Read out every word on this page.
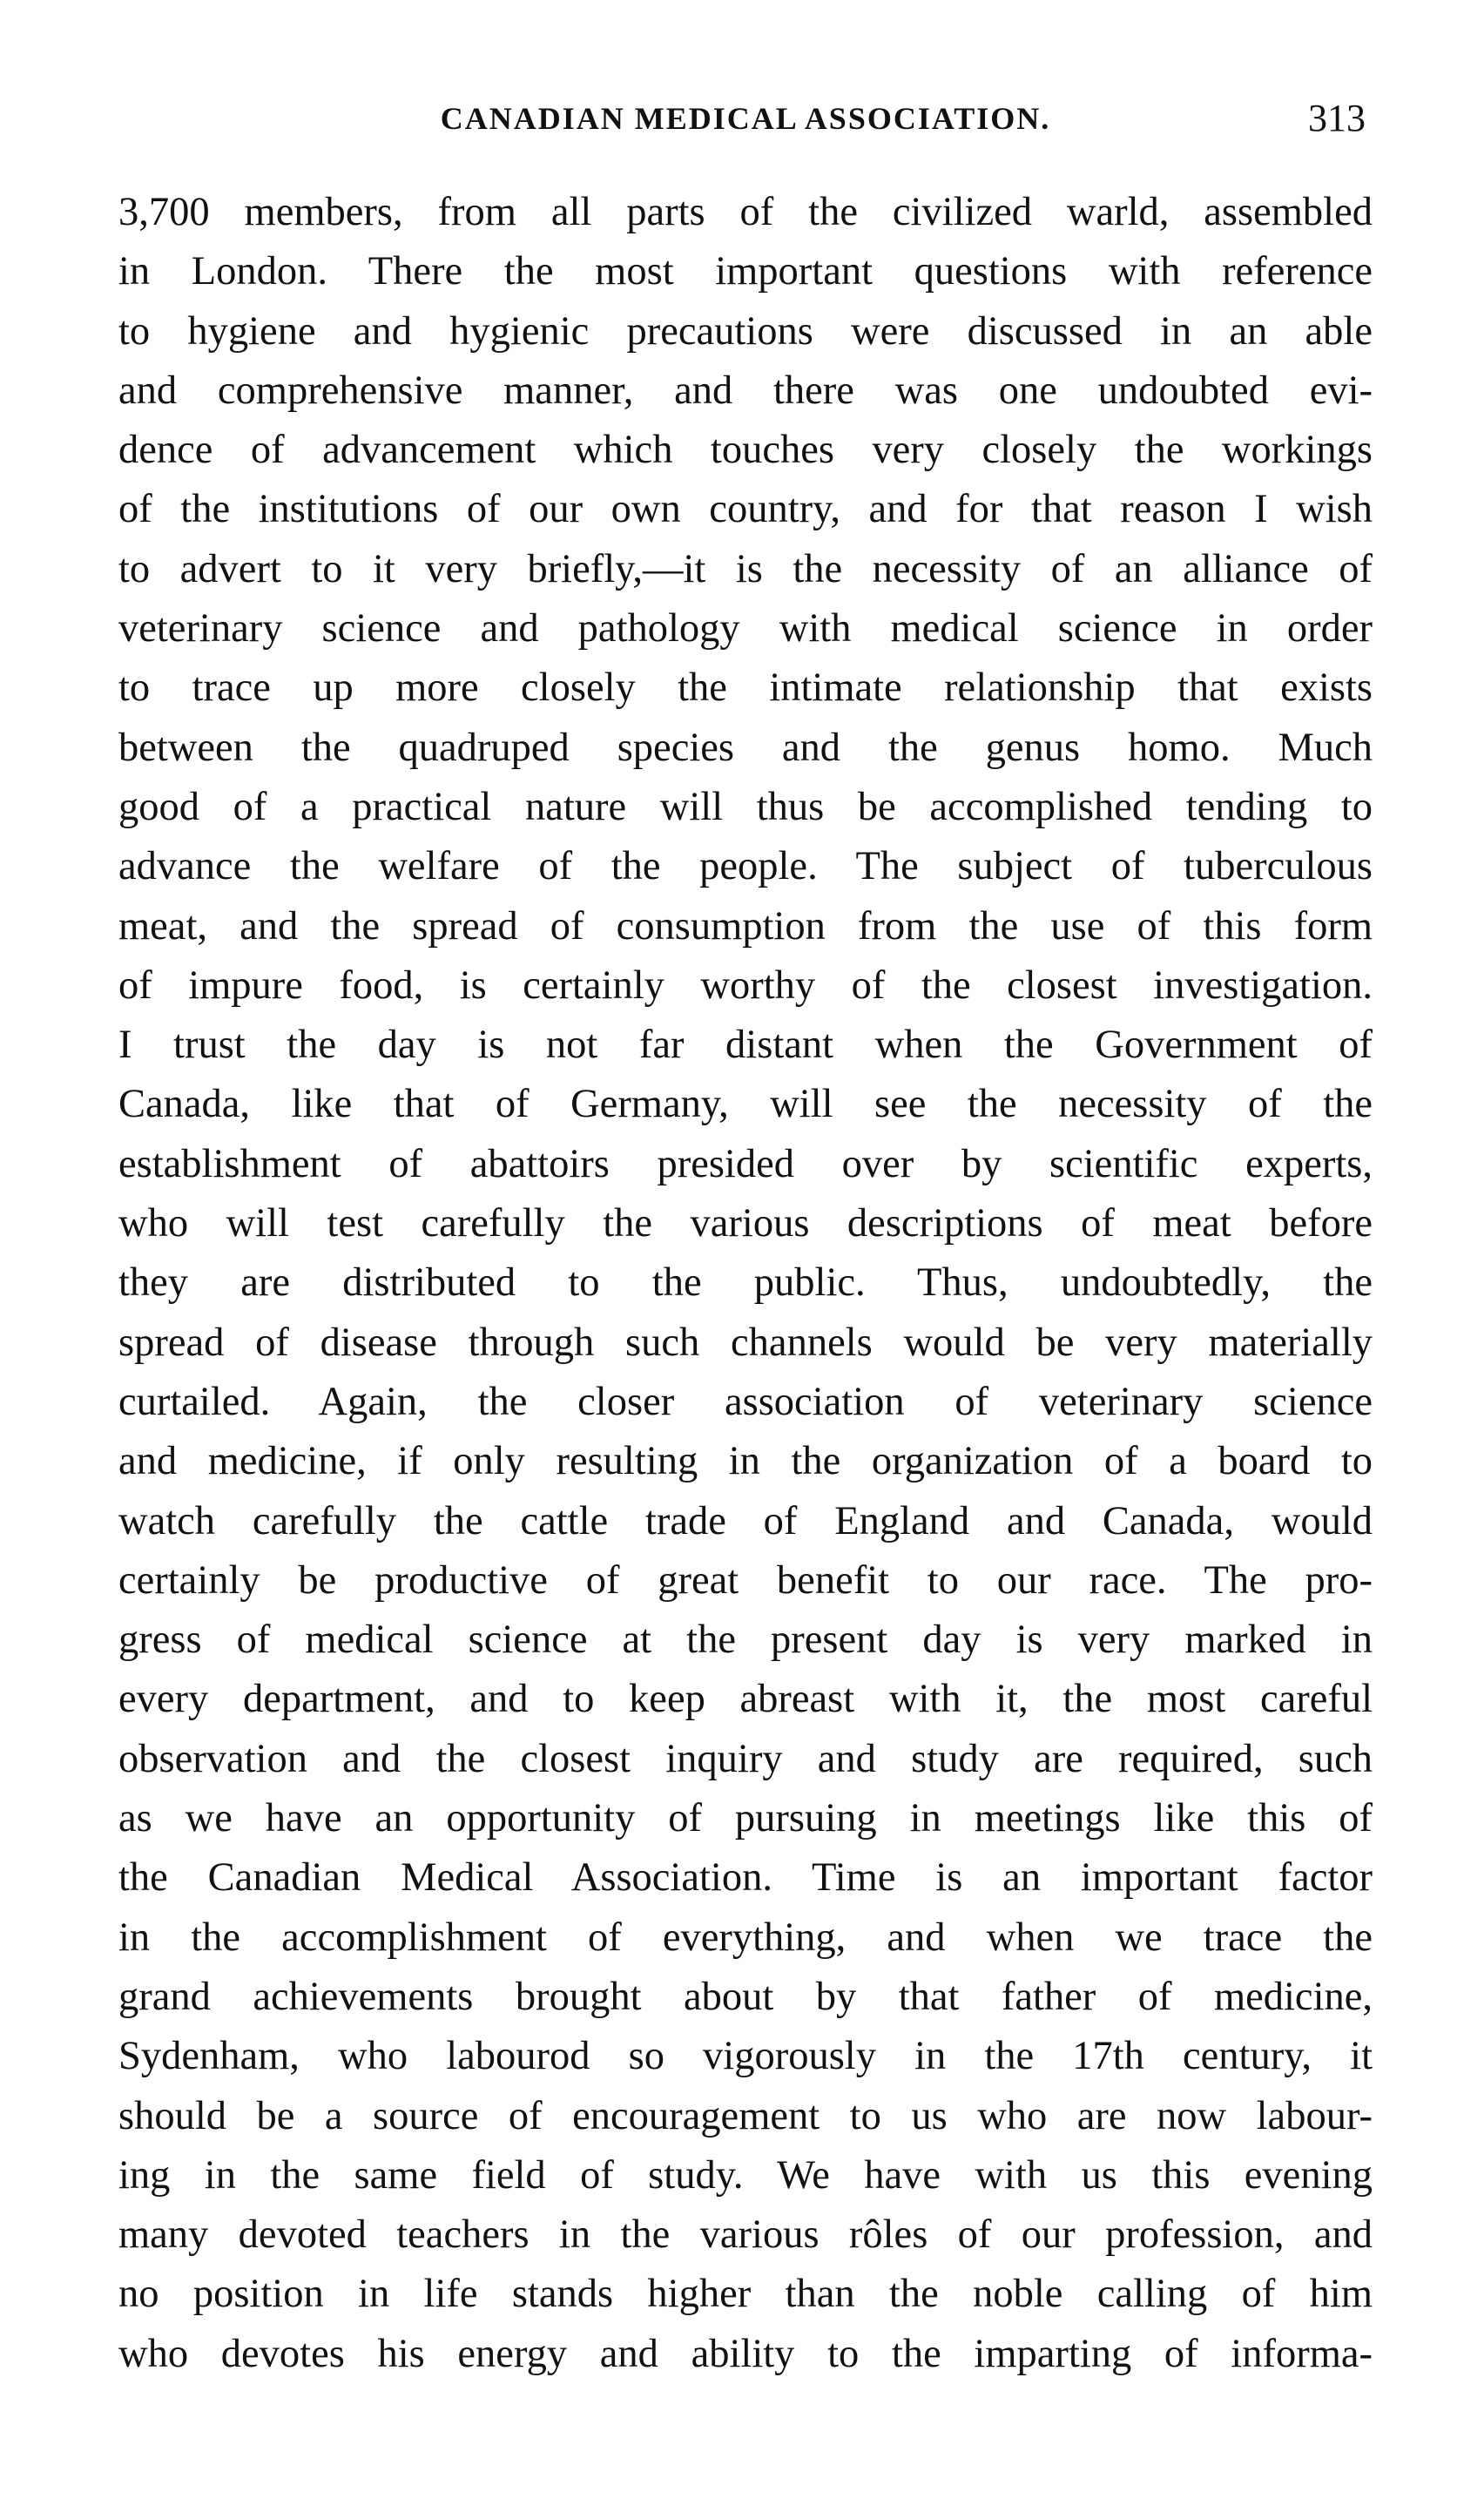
CANADIAN MEDICAL ASSOCIATION.	313
3,700 members, from all parts of the civilized warld, assembled
in London. There the most important questions with reference
to hygiene and hygienic precautions were discussed in an able
and comprehensive manner, and there was one undoubted evi-
dence of advancement which touches very closely the workings
of the institutions of our own country, and for that reason I wish
to advert to it very briefly,—it is the necessity of an alliance of
veterinary science and pathology with medical science in order
to trace up more closely the intimate relationship that exists
between the quadruped species and the genus homo. Much
good of a practical nature will thus be accomplished tending to
advance the welfare of the people. The subject of tuberculous
meat, and the spread of consumption from the use of this form
of impure food, is certainly worthy of the closest investigation.
I trust the day is not far distant when the Government of
Canada, like that of Germany, will see the necessity of the
establishment of abattoirs presided over by scientific experts,
who will test carefully the various descriptions of meat before
they are distributed to the public. Thus, undoubtedly, the
spread of disease through such channels would be very materially
curtailed. Again, the closer association of veterinary science
and medicine, if only resulting in the organization of a board to
watch carefully the cattle trade of England and Canada, would
certainly be productive of great benefit to our race. The pro-
gress of medical science at the present day is very marked in
every department, and to keep abreast with it, the most careful
observation and the closest inquiry and study are required, such
as we have an opportunity of pursuing in meetings like this of
the Canadian Medical Association. Time is an important factor
in the accomplishment of everything, and when we trace the
grand achievements brought about by that father of medicine,
Sydenham, who labourod so vigorously in the 17th century, it
should be a source of encouragement to us who are now labour-
ing in the same field of study. We have with us this evening
many devoted teachers in the various rôles of our profession, and
no position in life stands higher than the noble calling of him
who devotes his energy and ability to the imparting of informa-
